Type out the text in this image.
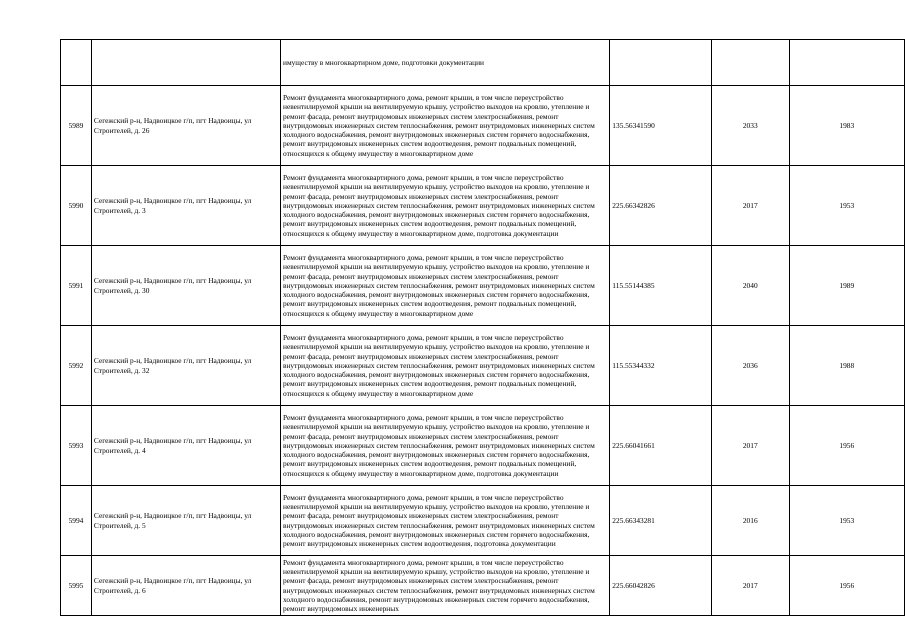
		имуществу в многоквартирном доме, подготовки документации			
5989	Сегежский р-н, Надвоицкое г/п, пгт Надвоицы, ул Строителей, д. 26	Ремонт фундамента многоквартирного дома, ремонт крыши, в том числе переустройство невентилируемой крыши на вентилируемую крышу, устройство выходов на кровлю, утепление и ремонт фасада, ремонт внутридомовых инженерных систем электроснабжения, ремонт внутридомовых инженерных систем теплоснабжения, ремонт внутридомовых инженерных систем холодного водоснабжения, ремонт внутридомовых инженерных систем горячего водоснабжения, ремонт внутридомовых инженерных систем водоотведения, ремонт подвальных помещений, относящихся к общему имуществу в многоквартирном доме	135.56341590	2033	1983
5990	Сегежский р-н, Надвоицкое г/п, пгт Надвоицы, ул Строителей, д. 3	Ремонт фундамента многоквартирного дома, ремонт крыши, в том числе переустройство невентилируемой крыши на вентилируемую крышу, устройство выходов на кровлю, утепление и ремонт фасада, ремонт внутридомовых инженерных систем электроснабжения, ремонт внутридомовых инженерных систем теплоснабжения, ремонт внутридомовых инженерных систем холодного водоснабжения, ремонт внутридомовых инженерных систем горячего водоснабжения, ремонт внутридомовых инженерных систем водоотведения, ремонт подвальных помещений, относящихся к общему имуществу в многоквартирном доме, подготовка документации	225.66342826	2017	1953
5991	Сегежский р-н, Надвоицкое г/п, пгт Надвоицы, ул Строителей, д. 30	Ремонт фундамента многоквартирного дома, ремонт крыши, в том числе переустройство невентилируемой крыши на вентилируемую крышу, устройство выходов на кровлю, утепление и ремонт фасада, ремонт внутридомовых инженерных систем электроснабжения, ремонт внутридомовых инженерных систем теплоснабжения, ремонт внутридомовых инженерных систем холодного водоснабжения, ремонт внутридомовых инженерных систем горячего водоснабжения, ремонт внутридомовых инженерных систем водоотведения, ремонт подвальных помещений, относящихся к общему имуществу в многоквартирном доме	115.55144385	2040	1989
5992	Сегежский р-н, Надвоицкое г/п, пгт Надвоицы, ул Строителей, д. 32	Ремонт фундамента многоквартирного дома, ремонт крыши, в том числе переустройство невентилируемой крыши на вентилируемую крышу, устройство выходов на кровлю, утепление и ремонт фасада, ремонт внутридомовых инженерных систем электроснабжения, ремонт внутридомовых инженерных систем теплоснабжения, ремонт внутридомовых инженерных систем холодного водоснабжения, ремонт внутридомовых инженерных систем горячего водоснабжения, ремонт внутридомовых инженерных систем водоотведения, ремонт подвальных помещений, относящихся к общему имуществу в многоквартирном доме	115.55344332	2036	1988
5993	Сегежский р-н, Надвоицкое г/п, пгт Надвоицы, ул Строителей, д. 4	Ремонт фундамента многоквартирного дома, ремонт крыши, в том числе переустройство невентилируемой крыши на вентилируемую крышу, устройство выходов на кровлю, утепление и ремонт фасада, ремонт внутридомовых инженерных систем электроснабжения, ремонт внутридомовых инженерных систем теплоснабжения, ремонт внутридомовых инженерных систем холодного водоснабжения, ремонт внутридомовых инженерных систем горячего водоснабжения, ремонт внутридомовых инженерных систем водоотведения, ремонт подвальных помещений, относящихся к общему имуществу в многоквартирном доме, подготовка документации	225.66041661	2017	1956
5994	Сегежский р-н, Надвоицкое г/п, пгт Надвоицы, ул Строителей, д. 5	Ремонт фундамента многоквартирного дома, ремонт крыши, в том числе переустройство невентилируемой крыши на вентилируемую крышу, устройство выходов на кровлю, утепление и ремонт фасада, ремонт внутридомовых инженерных систем электроснабжения, ремонт внутридомовых инженерных систем теплоснабжения, ремонт внутридомовых инженерных систем холодного водоснабжения, ремонт внутридомовых инженерных систем горячего водоснабжения, ремонт внутридомовых инженерных систем водоотведения, подготовка документации	225.66343281	2016	1953
5995	Сегежский р-н, Надвоицкое г/п, пгт Надвоицы, ул Строителей, д. 6	Ремонт фундамента многоквартирного дома, ремонт крыши, в том числе переустройство невентилируемой крыши на вентилируемую крышу, устройство выходов на кровлю, утепление и ремонт фасада, ремонт внутридомовых инженерных систем электроснабжения, ремонт внутридомовых инженерных систем теплоснабжения, ремонт внутридомовых инженерных систем холодного водоснабжения, ремонт внутридомовых инженерных систем горячего водоснабжения, ремонт внутридомовых инженерных	225.66042826	2017	1956
